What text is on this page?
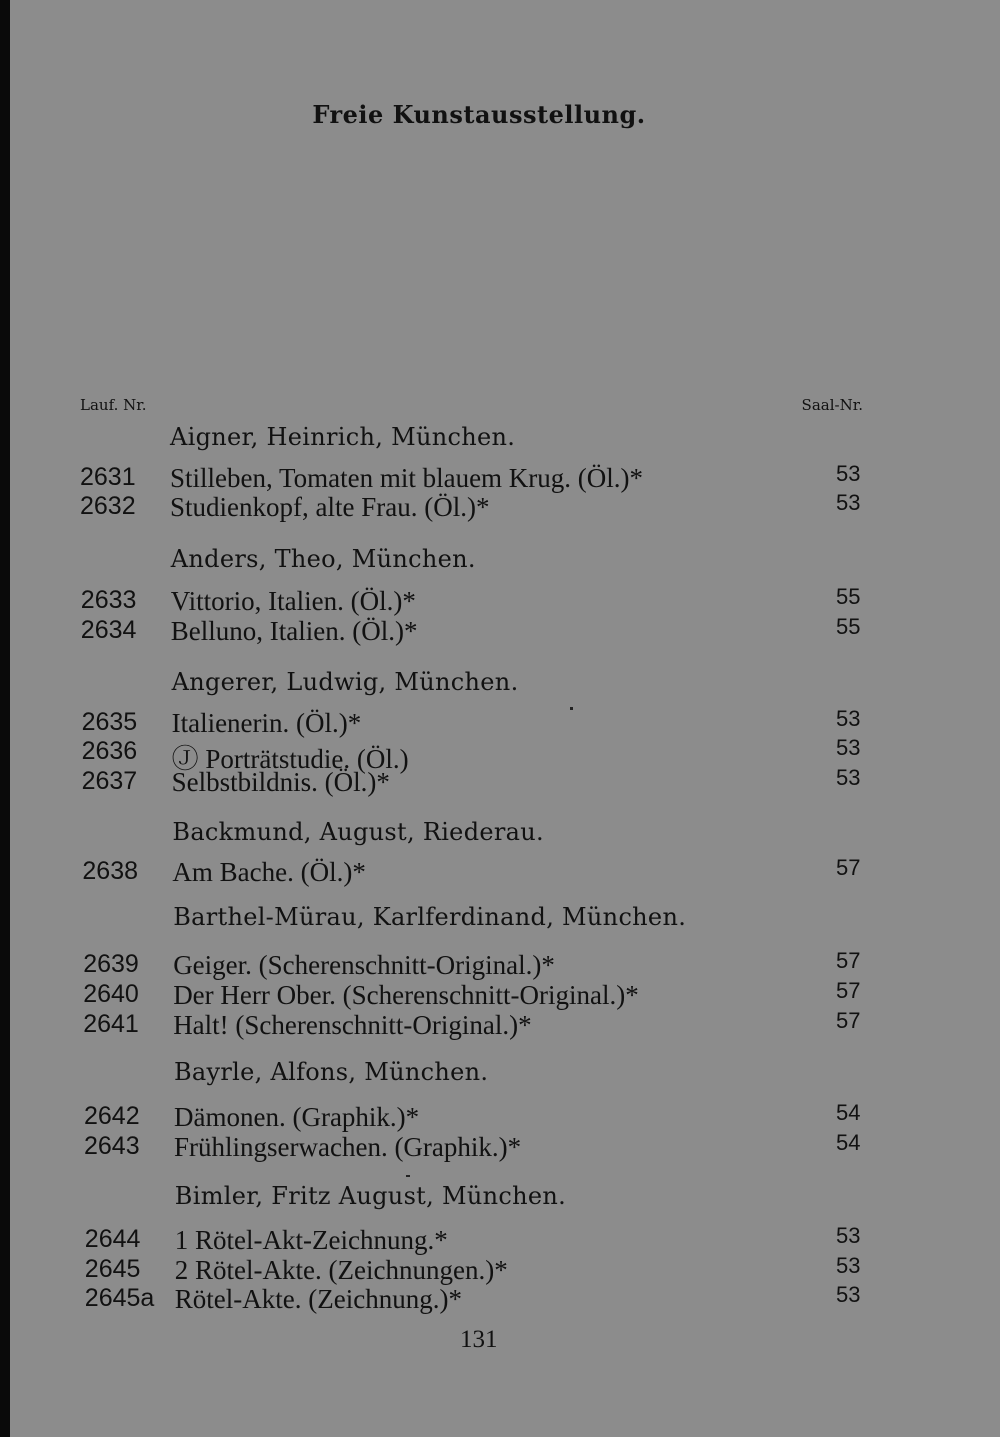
Freie Kunstausstellung.
Lauf. Nr.	Saal-Nr.
Aigner, Heinrich, München.
2631 Stilleben, Tomaten mit blauem Krug. (Öl.)*	53
2632 Studienkopf, alte Frau. (Öl.)*	53
Anders, Theo, München.
2633 Vittorio, Italien. (Öl.)*	55
2634 Belluno, Italien. (Öl.)*	55
Angerer, Ludwig, München.
2635 Italienerin. (Öl.)*	53
2636 Ⓙ Porträtstudie. (Öl.)	53
2637 Selbstbildnis. (Öl.)*	53
Backmund, August, Riederau.
2638 Am Bache. (Öl.)*	57
Barthel-Mürau, Karlferdinand, München.
2639 Geiger. (Scherenschnitt-Original.)*	57
2640 Der Herr Ober. (Scherenschnitt-Original.)*	57
2641 Halt! (Scherenschnitt-Original.)*	57
Bayrle, Alfons, München.
2642 Dämonen. (Graphik.)*	54
2643 Frühlingserwachen. (Graphik.)*	54
Bimler, Fritz August, München.
2644 1 Rötel-Akt-Zeichnung.*	53
2645 2 Rötel-Akte. (Zeichnungen.)*	53
2645a Rötel-Akte. (Zeichnung.)*	53
131
